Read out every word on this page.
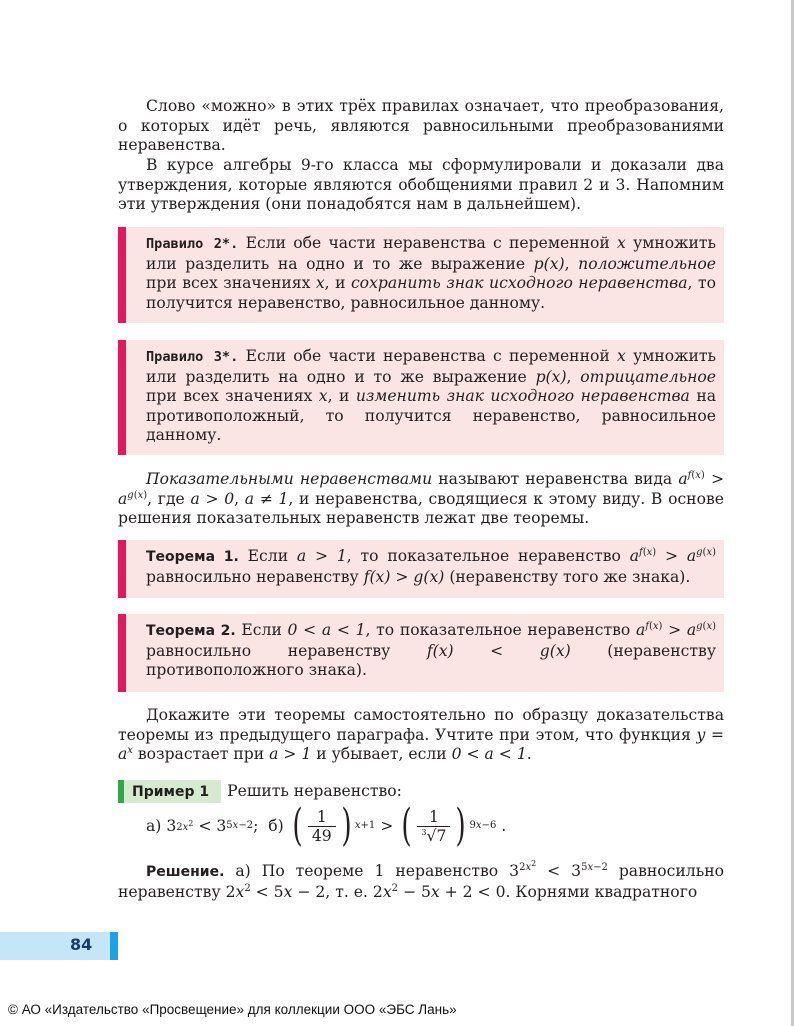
Слово «можно» в этих трёх правилах означает, что преобразования, о которых идёт речь, являются равносильными преобразованиями неравенства.

В курсе алгебры 9-го класса мы сформулировали и доказали два утверждения, которые являются обобщениями правил 2 и 3. Напомним эти утверждения (они понадобятся нам в дальнейшем).

Правило 2*. Если обе части неравенства с переменной x умножить или разделить на одно и то же выражение p(x), положительное при всех значениях x, и сохранить знак исходного неравенства, то получится неравенство, равносильное данному.
Правило 3*. Если обе части неравенства с переменной x умножить или разделить на одно и то же выражение p(x), отрицательное при всех значениях x, и изменить знак исходного неравенства на противоположный, то получится неравенство, равносильное данному.

Показательными неравенствами называют неравенства вида $a^{f(x)} > a^{g(x)}$, где a > 0, a ≠ 1, и неравенства, сводящиеся к этому виду. В основе решения показательных неравенств лежат две теоремы.

Теорема 1. Если a > 1, то показательное неравенство $a^{f(x)} > a^{g(x)}$ равносильно неравенству f(x) > g(x) (неравенству того же знака).
Теорема 2. Если 0 < a < 1, то показательное неравенство $a^{f(x)} > a^{g(x)}$ равносильно неравенству f(x) < g(x) (неравенству противоположного знака).

Докажите эти теоремы самостоятельно по образцу доказательства теоремы из предыдущего параграфа. Учтите при этом, что функция $y = a^x$ возрастает при a > 1 и убывает, если 0 < a < 1.

Пример 1 Решить неравенство:
а) 3 $2x^2 < 3$ 5x−2 ; б)
( $\frac{1}{49}$ ) x+1 > ( $\frac{1}{^3√7}$ ) 9x−6 .

Решение. а) По теореме 1 неравенство $3^{2x^2} < 3^{5x-2}$ равносильно неравенству $2x^2 < 5x - 2$, т. е. $2x^2 - 5x + 2 < 0$. Корнями квадратного

84
© АО «Издательство «Просвещение» для коллекции ООО «ЭБС Лань»
